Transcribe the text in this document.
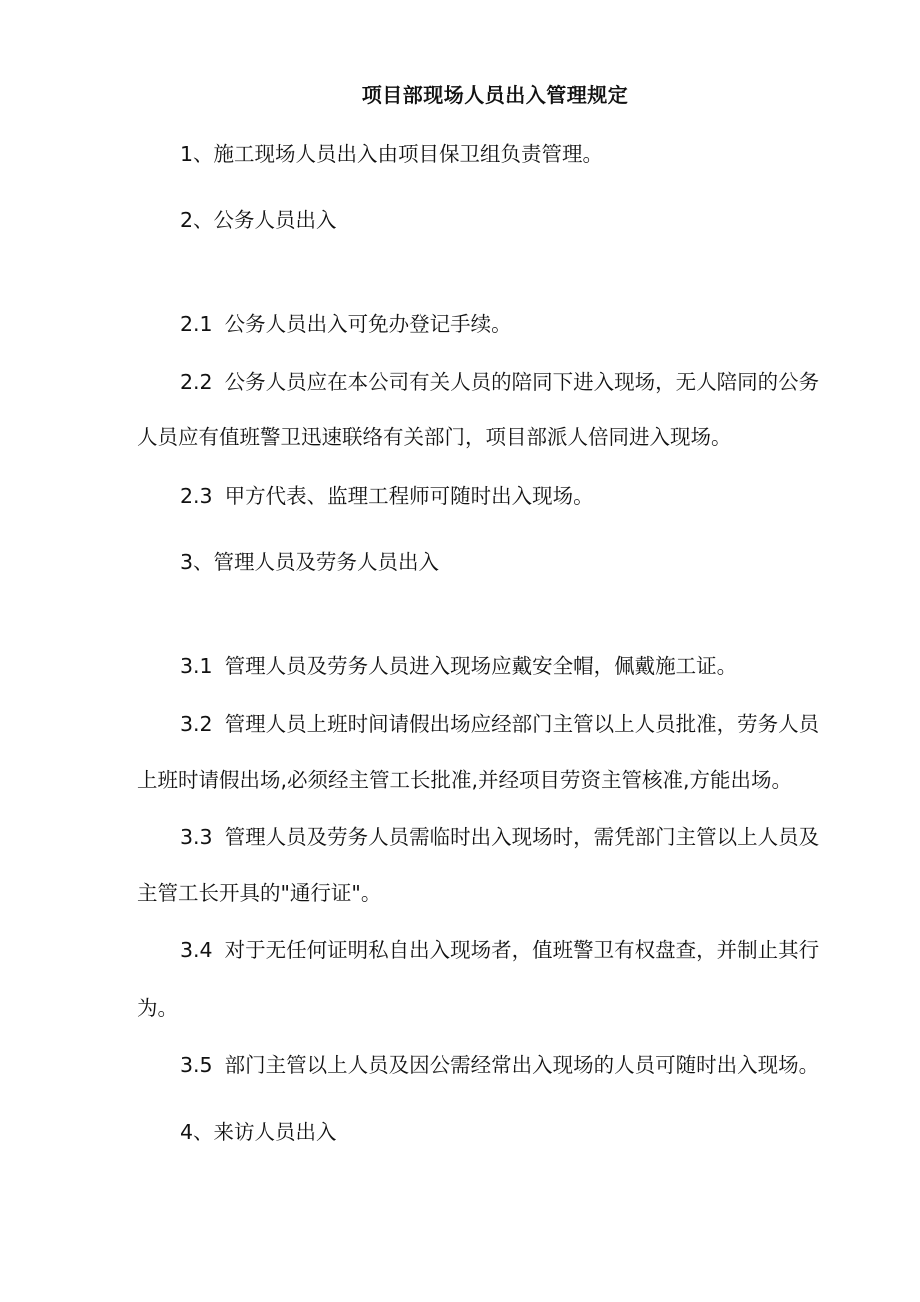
项目部现场人员出入管理规定
1、施工现场人员出入由项目保卫组负责管理。
2、公务人员出入
2.1 公务人员出入可免办登记手续。
2.2 公务人员应在本公司有关人员的陪同下进入现场，无人陪同的公务
人员应有值班警卫迅速联络有关部门，项目部派人倍同进入现场。
2.3 甲方代表、监理工程师可随时出入现场。
3、管理人员及劳务人员出入
3.1 管理人员及劳务人员进入现场应戴安全帽，佩戴施工证。
3.2 管理人员上班时间请假出场应经部门主管以上人员批准，劳务人员
上班时请假出场,必须经主管工长批准,并经项目劳资主管核准,方能出场。
3.3 管理人员及劳务人员需临时出入现场时，需凭部门主管以上人员及
主管工长开具的"通行证"。
3.4 对于无任何证明私自出入现场者，值班警卫有权盘查，并制止其行
为。
3.5 部门主管以上人员及因公需经常出入现场的人员可随时出入现场。
4、来访人员出入
